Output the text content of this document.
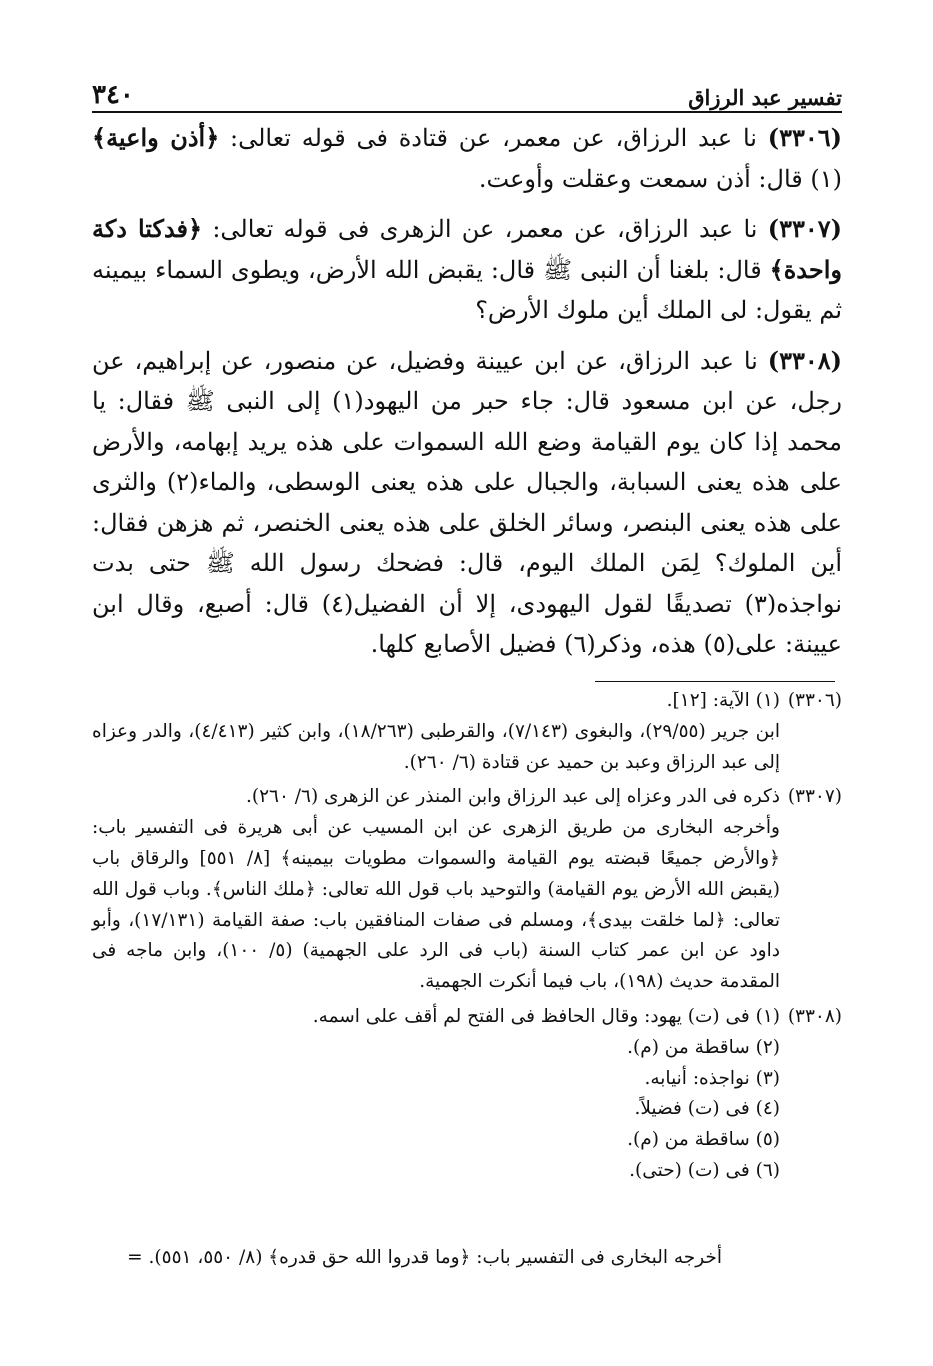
تفسير عبد الرزاق
٣٤٠

(٣٣٠٦) نا عبد الرزاق، عن معمر، عن قتادة فى قوله تعالى: ﴿أذن واعية﴾ (١) قال: أذن سمعت وعقلت وأوعت.

(٣٣٠٧) نا عبد الرزاق، عن معمر، عن الزهرى فى قوله تعالى: ﴿فدكتا دكة واحدة﴾ قال: بلغنا أن النبى ﷺ قال: يقبض الله الأرض، ويطوى السماء بيمينه ثم يقول: لى الملك أين ملوك الأرض؟

(٣٣٠٨) نا عبد الرزاق، عن ابن عيينة وفضيل، عن منصور، عن إبراهيم، عن رجل، عن ابن مسعود قال: جاء حبر من اليهود(١) إلى النبى ﷺ فقال: يا محمد إذا كان يوم القيامة وضع الله السموات على هذه يريد إبهامه، والأرض على هذه يعنى السبابة، والجبال على هذه يعنى الوسطى، والماء(٢) والثرى على هذه يعنى البنصر، وسائر الخلق على هذه يعنى الخنصر، ثم هزهن فقال: أين الملوك؟ لِمَن الملك اليوم، قال: فضحك رسول الله ﷺ حتى بدت نواجذه(٣) تصديقًا لقول اليهودى، إلا أن الفضيل(٤) قال: أصبع، وقال ابن عيينة: على(٥) هذه، وذكر(٦) فضيل الأصابع كلها.

(٣٣٠٦)

(١) الآية: [١٢].

ابن جرير (٢٩/٥٥)، والبغوى (٧/١٤٣)، والقرطبى (١٨/٢٦٣)، وابن كثير (٤/٤١٣)، والدر وعزاه إلى عبد الرزاق وعبد بن حميد عن قتادة (٦/ ٢٦٠).

(٣٣٠٧)

ذكره فى الدر وعزاه إلى عبد الرزاق وابن المنذر عن الزهرى (٦/ ٢٦٠).

وأخرجه البخارى من طريق الزهرى عن ابن المسيب عن أبى هريرة فى التفسير باب: ﴿والأرض جميعًا قبضته يوم القيامة والسموات مطويات بيمينه﴾ [٨/ ٥٥١] والرقاق باب (يقبض الله الأرض يوم القيامة) والتوحيد باب قول الله تعالى: ﴿ملك الناس﴾. وباب قول الله تعالى: ﴿لما خلقت بيدى﴾، ومسلم فى صفات المنافقين باب: صفة القيامة (١٧/١٣١)، وأبو داود عن ابن عمر كتاب السنة (باب فى الرد على الجهمية) (٥/ ١٠٠)، وابن ماجه فى المقدمة حديث (١٩٨)، باب فيما أنكرت الجهمية.

(٣٣٠٨)

(١) فى (ت) يهود: وقال الحافظ فى الفتح لم أقف على اسمه.

(٢) ساقطة من (م).

(٣) نواجذه: أنيابه.

(٤) فى (ت) فضيلاً.

(٥) ساقطة من (م).

(٦) فى (ت) (حتى).

أخرجه البخارى فى التفسير باب: ﴿وما قدروا الله حق قدره﴾ (٨/ ٥٥٠، ٥٥١). =
